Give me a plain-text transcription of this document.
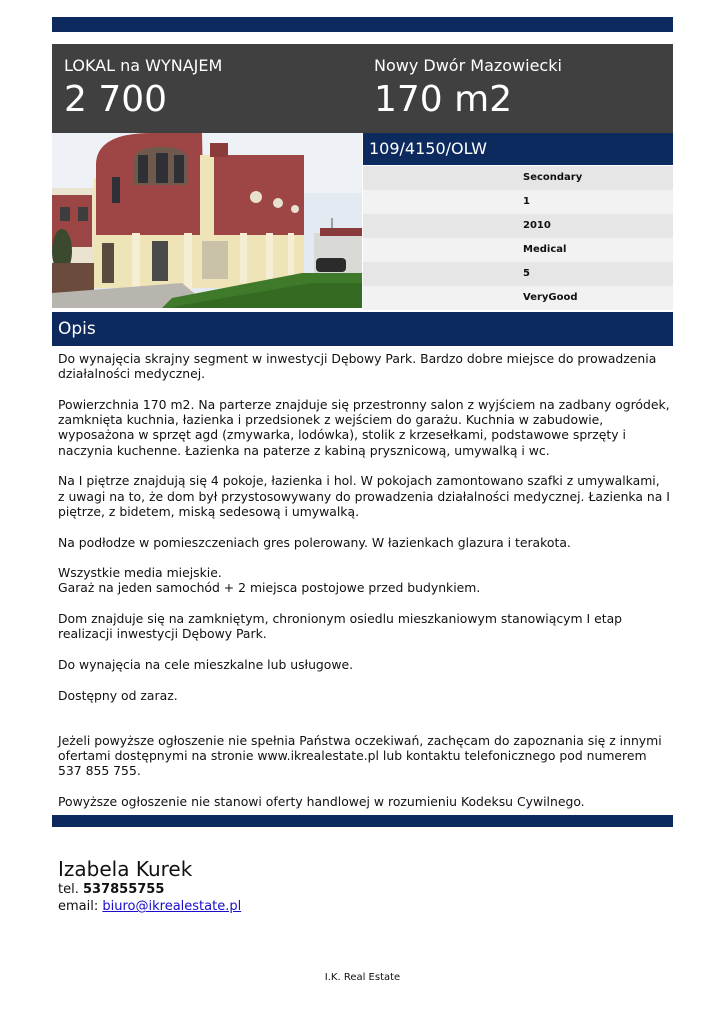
LOKAL na WYNAJEM
2 700
Nowy Dwór Mazowiecki
170 m2
109/4150/OLW
Secondary
1
2010
Medical
5
VeryGood
Opis

Do wynajęcia skrajny segment w inwestycji Dębowy Park. Bardzo dobre miejsce do prowadzenia działalności medycznej.

Powierzchnia 170 m2. Na parterze znajduje się przestronny salon z wyjściem na zadbany ogródek, zamknięta kuchnia, łazienka i przedsionek z wejściem do garażu. Kuchnia w zabudowie, wyposażona w sprzęt agd (zmywarka, lodówka), stolik z krzesełkami, podstawowe sprzęty i naczynia kuchenne. Łazienka na paterze z kabiną prysznicową, umywalką i wc.

Na I piętrze znajdują się 4 pokoje, łazienka i hol. W pokojach zamontowano szafki z umywalkami, z uwagi na to, że dom był przystosowywany do prowadzenia działalności medycznej. Łazienka na I piętrze, z bidetem, miską sedesową i umywalką.

Na podłodze w pomieszczeniach gres polerowany. W łazienkach glazura i terakota.

Wszystkie media miejskie.

Garaż na jeden samochód + 2 miejsca postojowe przed budynkiem.

Dom znajduje się na zamkniętym, chronionym osiedlu mieszkaniowym stanowiącym I etap realizacji inwestycji Dębowy Park.

Do wynajęcia na cele mieszkalne lub usługowe.

Dostępny od zaraz.

Jeżeli powyższe ogłoszenie nie spełnia Państwa oczekiwań, zachęcam do zapoznania się z innymi ofertami dostępnymi na stronie www.ikrealestate.pl lub kontaktu telefonicznego pod numerem 537 855 755.

Powyższe ogłoszenie nie stanowi oferty handlowej w rozumieniu Kodeksu Cywilnego.

Izabela Kurek
tel. 537855755
email: biuro@ikrealestate.pl
I.K. Real Estate
